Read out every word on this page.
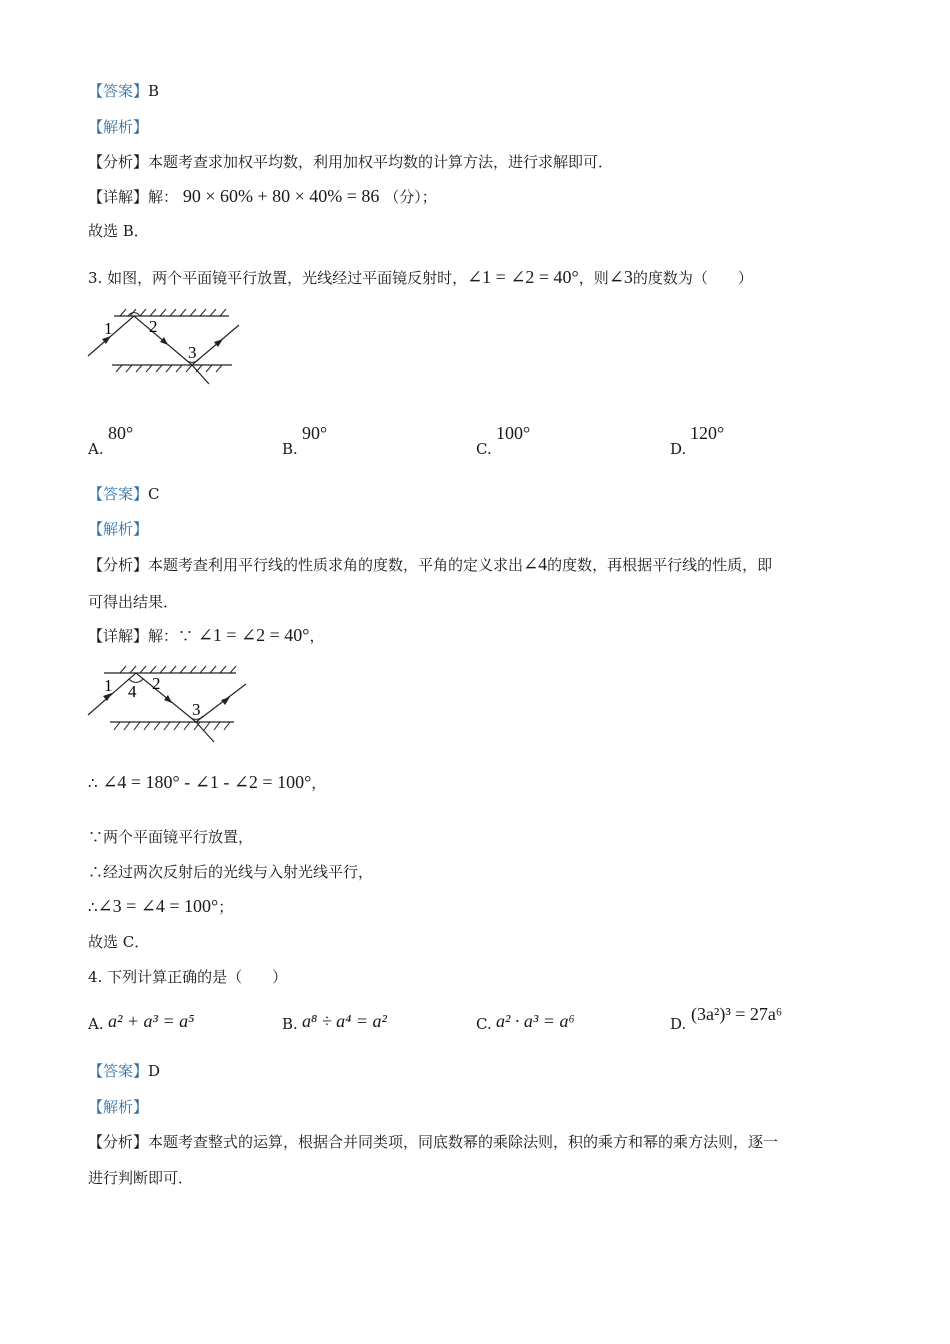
【答案】B
【解析】
【分析】本题考查求加权平均数，利用加权平均数的计算方法，进行求解即可．
【详解】解： 90 × 60% + 80 × 40% = 86 （分）；
故选 B．
3. 如图，两个平面镜平行放置，光线经过平面镜反射时，∠1 = ∠2 = 40°，则∠3的度数为（　　）
1 2
3
A.
80°
B.
90°
C.
100°
D.
120°
【答案】C
【解析】
【分析】本题考查利用平行线的性质求角的度数，平角的定义求出∠4的度数，再根据平行线的性质，即
可得出结果．
【详解】解：∵ ∠1 = ∠2 = 40°，
1 4 2
3
∴ ∠4 = 180° - ∠1 - ∠2 = 100°，
∵两个平面镜平行放置，
∴经过两次反射后的光线与入射光线平行，
∴∠3 = ∠4 = 100°；
故选 C．
4. 下列计算正确的是（　　）
A. a² + a³ = a⁵	B. a⁸ ÷ a⁴ = a²	C. a² · a³ = a⁶	D. (3a²)³ = 27a⁶
【答案】D
【解析】
【分析】本题考查整式的运算，根据合并同类项，同底数幂的乘除法则，积的乘方和幂的乘方法则，逐一
进行判断即可．
